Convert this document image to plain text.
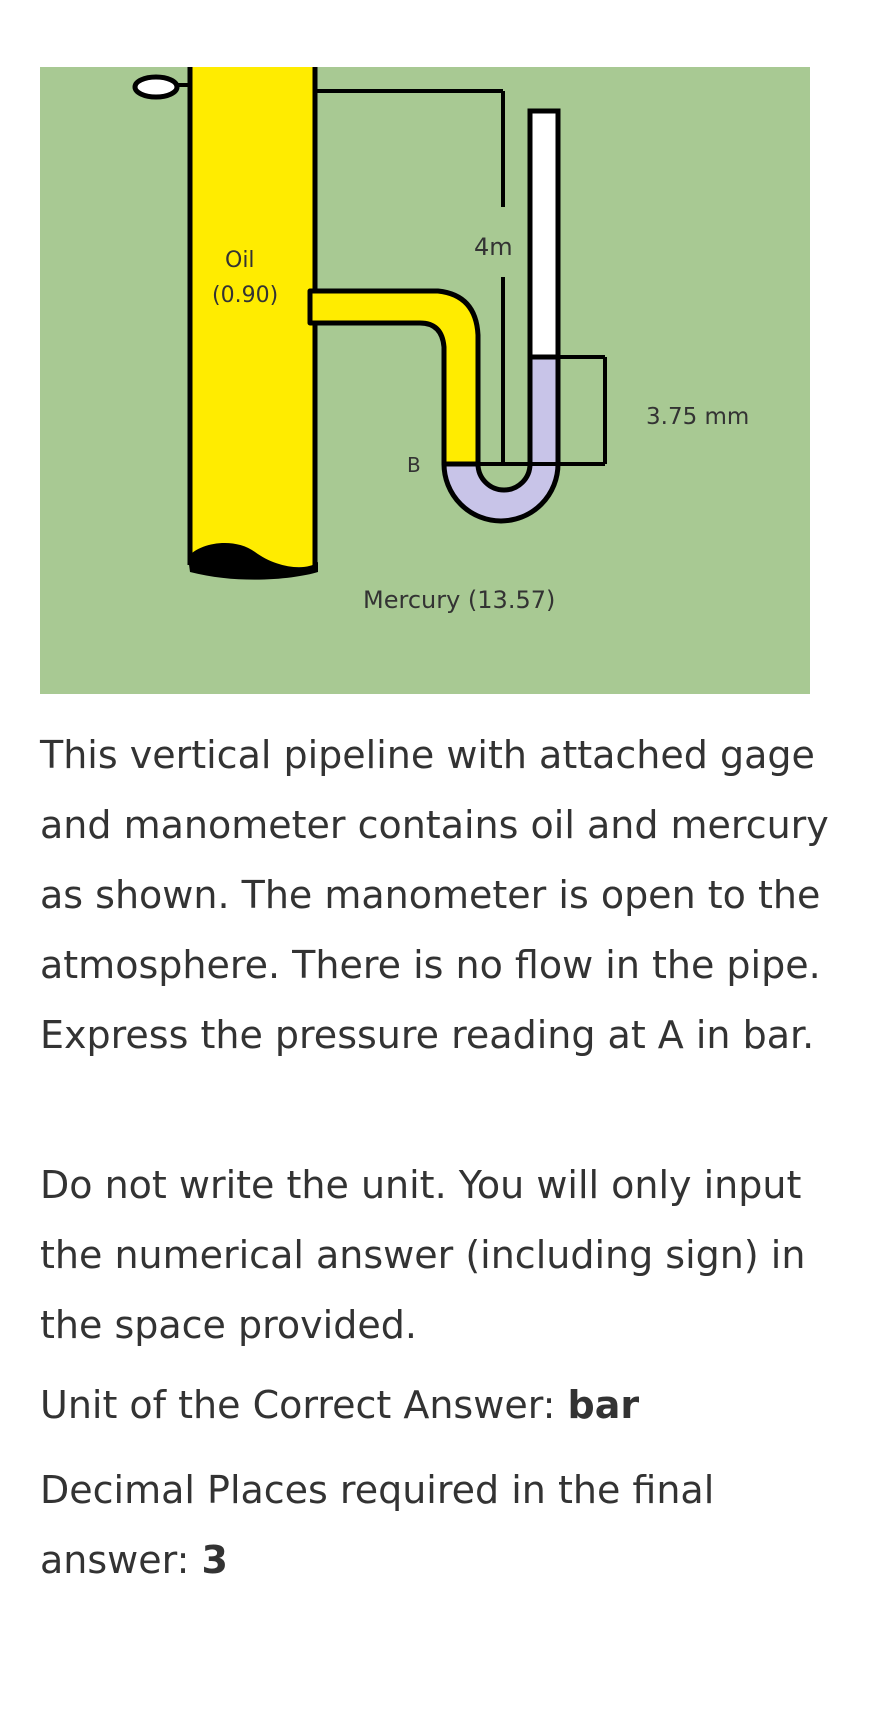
4m
Oil
(0.90)
3.75 mm
B
Mercury (13.57)

This vertical pipeline with attached gage and manometer contains oil and mercury as shown. The manometer is open to the atmosphere. There is no flow in the pipe. Express the pressure reading at A in bar.

Do not write the unit. You will only input the numerical answer (including sign) in the space provided.

Unit of the Correct Answer: bar

Decimal Places required in the final answer: 3
